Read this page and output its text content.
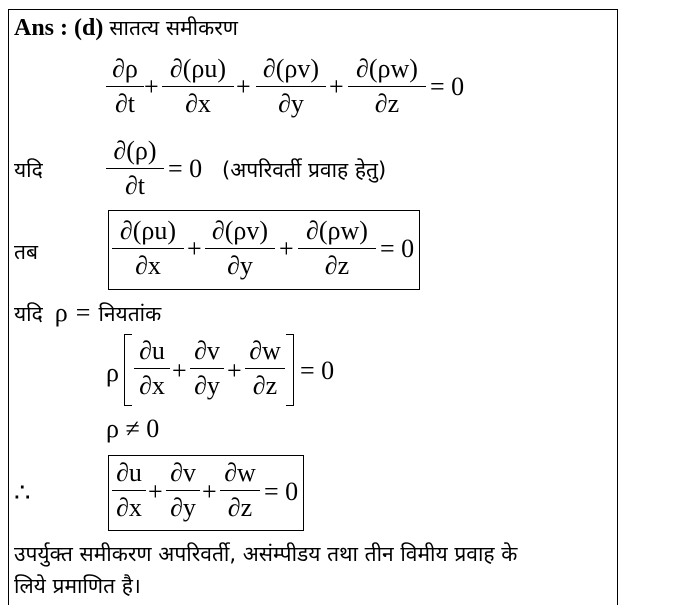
Ans : (d) सातत्य समीकरण
∂ρ
∂t
+
∂(ρu)
∂x
+
∂(ρv)
∂y
+
∂(ρw)
∂z
= 0
यदि
∂(ρ)
∂t
= 0 (अपरिवर्ती प्रवाह हेतु)
तब
∂(ρu)
∂x
+
∂(ρv)
∂y
+
∂(ρw)
∂z
= 0
यदि ρ = नियतांक
ρ
∂u
∂x
+
∂v
∂y
+
∂w
∂z
= 0
ρ ≠ 0
∴
∂u
∂x
+
∂v
∂y
+
∂w
∂z
= 0
उपर्युक्त समीकरण अपरिवर्ती, असंम्पीडय तथा तीन विमीय प्रवाह के
लिये प्रमाणित है।
